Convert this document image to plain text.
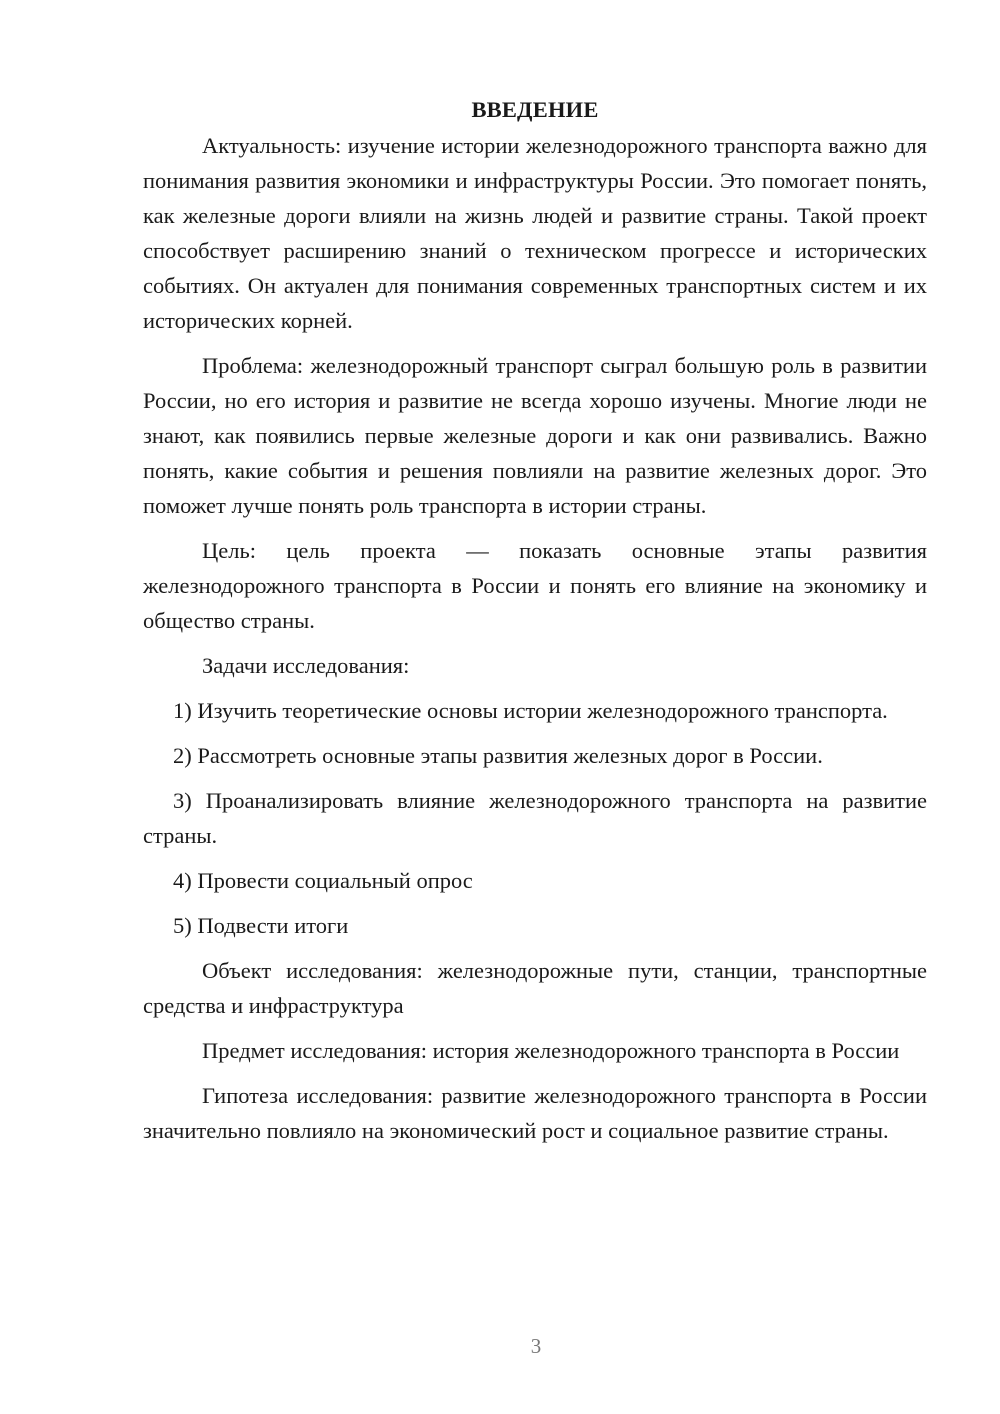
ВВЕДЕНИЕ

Актуальность: изучение истории железнодорожного транспорта важно для понимания развития экономики и инфраструктуры России. Это помогает понять, как железные дороги влияли на жизнь людей и развитие страны. Такой проект способствует расширению знаний о техническом прогрессе и исторических событиях. Он актуален для понимания современных транспортных систем и их исторических корней.

Проблема: железнодорожный транспорт сыграл большую роль в развитии России, но его история и развитие не всегда хорошо изучены. Многие люди не знают, как появились первые железные дороги и как они развивались. Важно понять, какие события и решения повлияли на развитие железных дорог. Это поможет лучше понять роль транспорта в истории страны.

Цель: цель проекта — показать основные этапы развития железнодорожного транспорта в России и понять его влияние на экономику и общество страны.

Задачи исследования:

1) Изучить теоретические основы истории железнодорожного транспорта.

2) Рассмотреть основные этапы развития железных дорог в России.

3) Проанализировать влияние железнодорожного транспорта на развитие страны.

4) Провести социальный опрос

5) Подвести итоги

Объект исследования: железнодорожные пути, станции, транспортные средства и инфраструктура

Предмет исследования: история железнодорожного транспорта в России

Гипотеза исследования: развитие железнодорожного транспорта в России значительно повлияло на экономический рост и социальное развитие страны.

3
